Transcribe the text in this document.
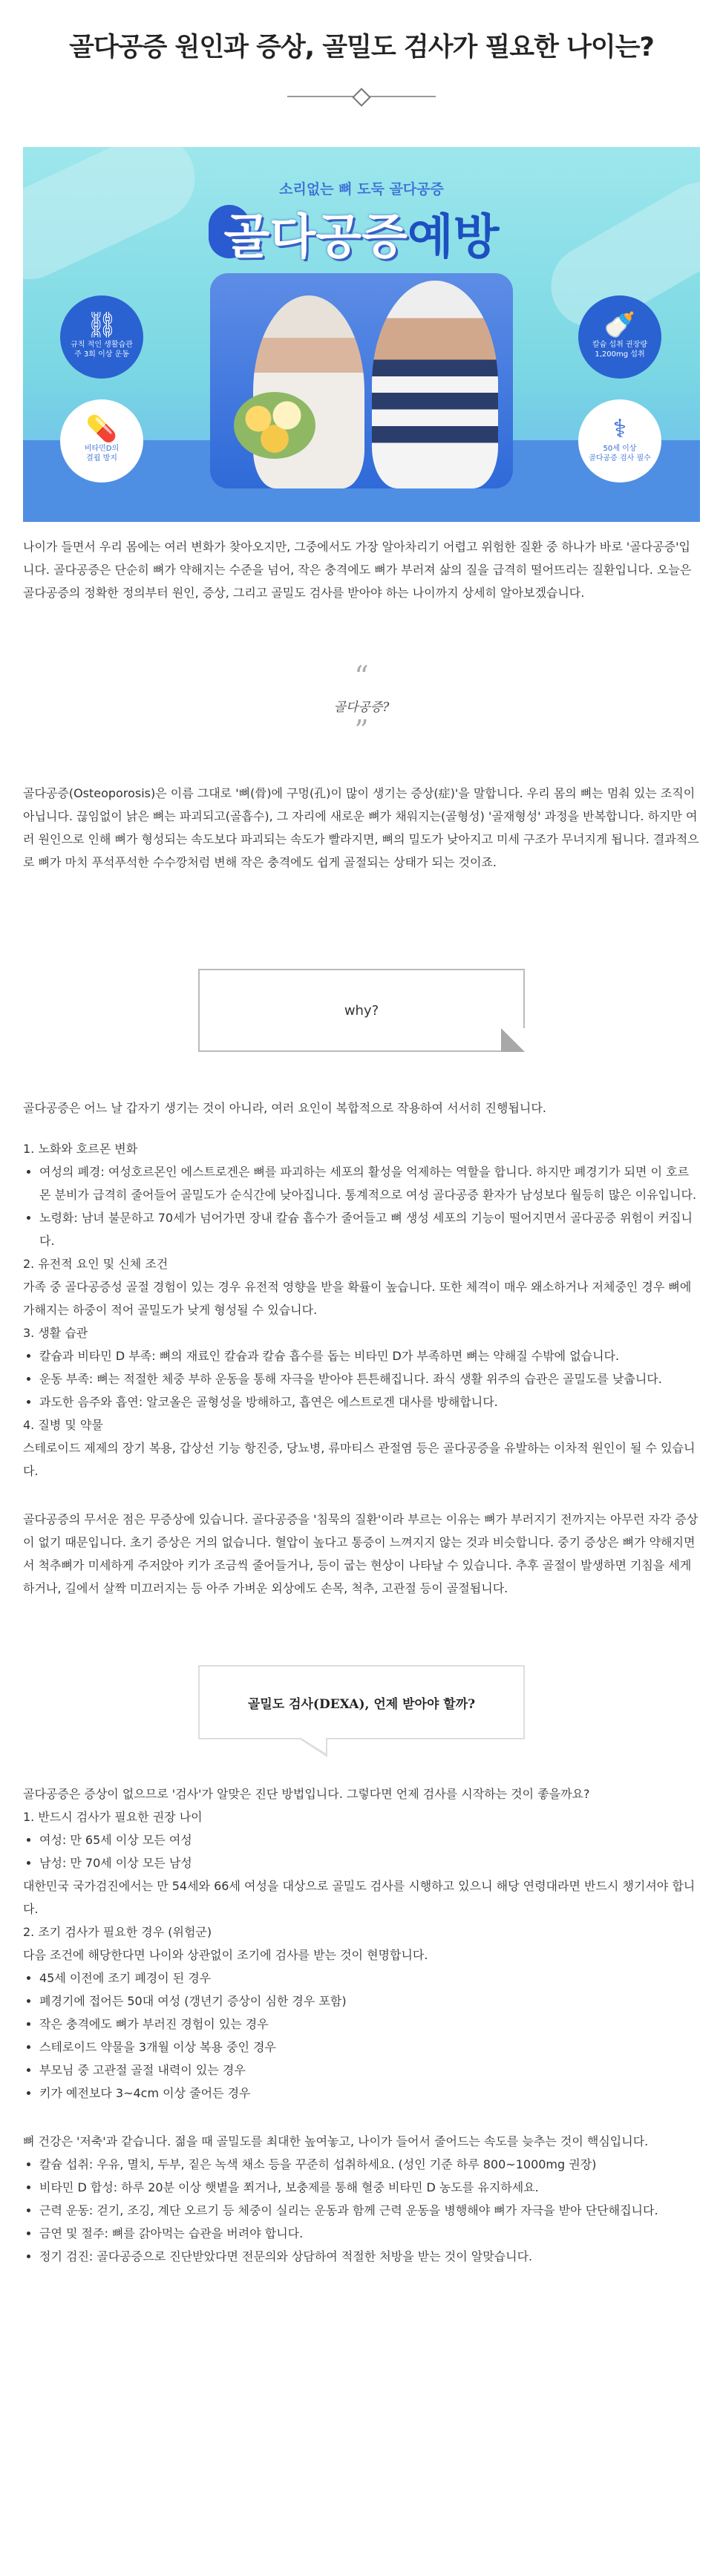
골다공증 원인과 증상, 골밀도 검사가 필요한 나이는?
소리없는 뼈 도둑 골다공증
골다공증예방
⛓
규칙 적인 생활습관
주 3회 이상 운동
💊
비타민D의
결핍 방지
🍼
칼슘 섭취 권장량
1,200mg 섭취
⚕
50세 이상
골다공증 검사 필수

나이가 들면서 우리 몸에는 여러 변화가 찾아오지만, 그중에서도 가장 알아차리기 어렵고 위험한 질환 중 하나가 바로 '골다공증'입니다. 골다공증은 단순히 뼈가 약해지는 수준을 넘어, 작은 충격에도 뼈가 부러져 삶의 질을 급격히 떨어뜨리는 질환입니다. 오늘은 골다공증의 정확한 정의부터 원인, 증상, 그리고 골밀도 검사를 받아야 하는 나이까지 상세히 알아보겠습니다.

“
골다공증?
”

골다공증(Osteoporosis)은 이름 그대로 '뼈(骨)에 구멍(孔)이 많이 생기는 증상(症)'을 말합니다. 우리 몸의 뼈는 멈춰 있는 조직이 아닙니다. 끊임없이 낡은 뼈는 파괴되고(골흡수), 그 자리에 새로운 뼈가 채워지는(골형성) '골재형성' 과정을 반복합니다. 하지만 여러 원인으로 인해 뼈가 형성되는 속도보다 파괴되는 속도가 빨라지면, 뼈의 밀도가 낮아지고 미세 구조가 무너지게 됩니다. 결과적으로 뼈가 마치 푸석푸석한 수수깡처럼 변해 작은 충격에도 쉽게 골절되는 상태가 되는 것이죠.

why?

골다공증은 어느 날 갑자기 생기는 것이 아니라, 여러 요인이 복합적으로 작용하여 서서히 진행됩니다.

1. 노화와 호르몬 변화

• 여성의 폐경: 여성호르몬인 에스트로겐은 뼈를 파괴하는 세포의 활성을 억제하는 역할을 합니다. 하지만 폐경기가 되면 이 호르몬 분비가 급격히 줄어들어 골밀도가 순식간에 낮아집니다. 통계적으로 여성 골다공증 환자가 남성보다 월등히 많은 이유입니다.
• 노령화: 남녀 불문하고 70세가 넘어가면 장내 칼슘 흡수가 줄어들고 뼈 생성 세포의 기능이 떨어지면서 골다공증 위험이 커집니다.

2. 유전적 요인 및 신체 조건

가족 중 골다공증성 골절 경험이 있는 경우 유전적 영향을 받을 확률이 높습니다. 또한 체격이 매우 왜소하거나 저체중인 경우 뼈에 가해지는 하중이 적어 골밀도가 낮게 형성될 수 있습니다.

3. 생활 습관

• 칼슘과 비타민 D 부족: 뼈의 재료인 칼슘과 칼슘 흡수를 돕는 비타민 D가 부족하면 뼈는 약해질 수밖에 없습니다.
• 운동 부족: 뼈는 적절한 체중 부하 운동을 통해 자극을 받아야 튼튼해집니다. 좌식 생활 위주의 습관은 골밀도를 낮춥니다.
• 과도한 음주와 흡연: 알코올은 골형성을 방해하고, 흡연은 에스트로겐 대사를 방해합니다.

4. 질병 및 약물

스테로이드 제제의 장기 복용, 갑상선 기능 항진증, 당뇨병, 류마티스 관절염 등은 골다공증을 유발하는 이차적 원인이 될 수 있습니다.

골다공증의 무서운 점은 무증상에 있습니다. 골다공증을 '침묵의 질환'이라 부르는 이유는 뼈가 부러지기 전까지는 아무런 자각 증상이 없기 때문입니다. 초기 증상은 거의 없습니다. 혈압이 높다고 통증이 느껴지지 않는 것과 비슷합니다. 중기 증상은 뼈가 약해지면서 척추뼈가 미세하게 주저앉아 키가 조금씩 줄어들거나, 등이 굽는 현상이 나타날 수 있습니다. 추후 골절이 발생하면 기침을 세게 하거나, 길에서 살짝 미끄러지는 등 아주 가벼운 외상에도 손목, 척추, 고관절 등이 골절됩니다.

골밀도 검사(DEXA), 언제 받아야 할까?

골다공증은 증상이 없으므로 '검사'가 알맞은 진단 방법입니다. 그렇다면 언제 검사를 시작하는 것이 좋을까요?

1. 반드시 검사가 필요한 권장 나이

• 여성: 만 65세 이상 모든 여성
• 남성: 만 70세 이상 모든 남성

대한민국 국가검진에서는 만 54세와 66세 여성을 대상으로 골밀도 검사를 시행하고 있으니 해당 연령대라면 반드시 챙기셔야 합니다.

2. 조기 검사가 필요한 경우 (위험군)

다음 조건에 해당한다면 나이와 상관없이 조기에 검사를 받는 것이 현명합니다.

• 45세 이전에 조기 폐경이 된 경우
• 폐경기에 접어든 50대 여성 (갱년기 증상이 심한 경우 포함)
• 작은 충격에도 뼈가 부러진 경험이 있는 경우
• 스테로이드 약물을 3개월 이상 복용 중인 경우
• 부모님 중 고관절 골절 내력이 있는 경우
• 키가 예전보다 3~4cm 이상 줄어든 경우

뼈 건강은 '저축'과 같습니다. 젊을 때 골밀도를 최대한 높여놓고, 나이가 들어서 줄어드는 속도를 늦추는 것이 핵심입니다.

• 칼슘 섭취: 우유, 멸치, 두부, 짙은 녹색 채소 등을 꾸준히 섭취하세요. (성인 기준 하루 800~1000mg 권장)
• 비타민 D 합성: 하루 20분 이상 햇볕을 쬐거나, 보충제를 통해 혈중 비타민 D 농도를 유지하세요.
• 근력 운동: 걷기, 조깅, 계단 오르기 등 체중이 실리는 운동과 함께 근력 운동을 병행해야 뼈가 자극을 받아 단단해집니다.
• 금연 및 절주: 뼈를 갉아먹는 습관을 버려야 합니다.
• 정기 검진: 골다공증으로 진단받았다면 전문의와 상담하여 적절한 처방을 받는 것이 알맞습니다.
